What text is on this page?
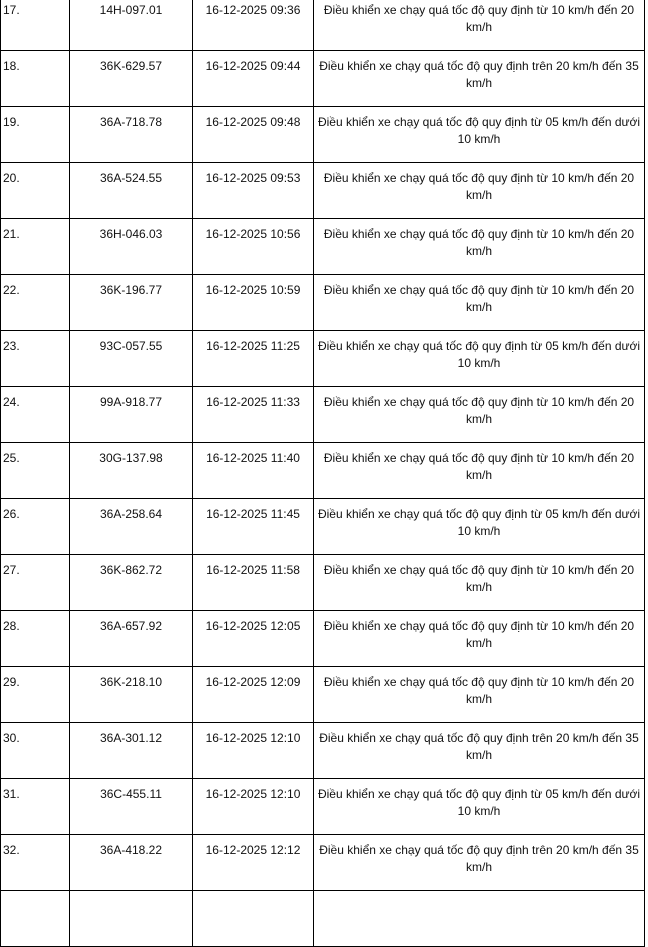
17.	14H-097.01	16-12-2025 09:36	Điều khiển xe chạy quá tốc độ quy định từ 10 km/h đến 20 km/h
18.	36K-629.57	16-12-2025 09:44	Điều khiển xe chạy quá tốc độ quy định trên 20 km/h đến 35 km/h
19.	36A-718.78	16-12-2025 09:48	Điều khiển xe chạy quá tốc độ quy định từ 05 km/h đến dưới 10 km/h
20.	36A-524.55	16-12-2025 09:53	Điều khiển xe chạy quá tốc độ quy định từ 10 km/h đến 20 km/h
21.	36H-046.03	16-12-2025 10:56	Điều khiển xe chạy quá tốc độ quy định từ 10 km/h đến 20 km/h
22.	36K-196.77	16-12-2025 10:59	Điều khiển xe chạy quá tốc độ quy định từ 10 km/h đến 20 km/h
23.	93C-057.55	16-12-2025 11:25	Điều khiển xe chạy quá tốc độ quy định từ 05 km/h đến dưới 10 km/h
24.	99A-918.77	16-12-2025 11:33	Điều khiển xe chạy quá tốc độ quy định từ 10 km/h đến 20 km/h
25.	30G-137.98	16-12-2025 11:40	Điều khiển xe chạy quá tốc độ quy định từ 10 km/h đến 20 km/h
26.	36A-258.64	16-12-2025 11:45	Điều khiển xe chạy quá tốc độ quy định từ 05 km/h đến dưới 10 km/h
27.	36K-862.72	16-12-2025 11:58	Điều khiển xe chạy quá tốc độ quy định từ 10 km/h đến 20 km/h
28.	36A-657.92	16-12-2025 12:05	Điều khiển xe chạy quá tốc độ quy định từ 10 km/h đến 20 km/h
29.	36K-218.10	16-12-2025 12:09	Điều khiển xe chạy quá tốc độ quy định từ 10 km/h đến 20 km/h
30.	36A-301.12	16-12-2025 12:10	Điều khiển xe chạy quá tốc độ quy định trên 20 km/h đến 35 km/h
31.	36C-455.11	16-12-2025 12:10	Điều khiển xe chạy quá tốc độ quy định từ 05 km/h đến dưới 10 km/h
32.	36A-418.22	16-12-2025 12:12	Điều khiển xe chạy quá tốc độ quy định trên 20 km/h đến 35 km/h
